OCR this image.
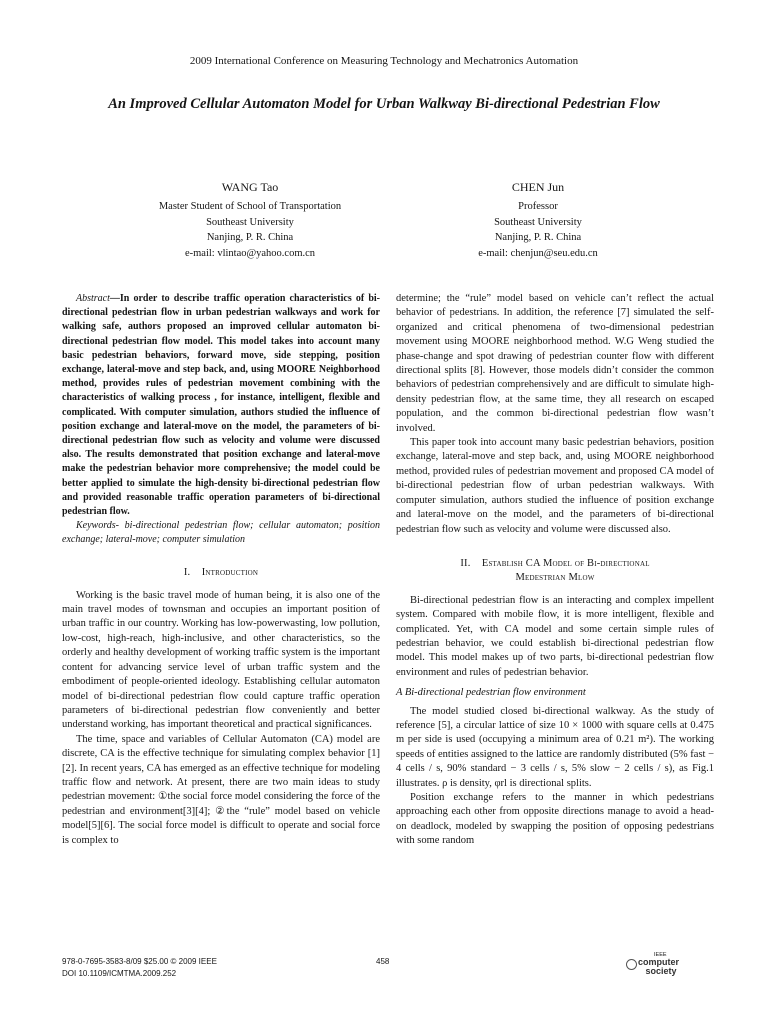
2009 International Conference on Measuring Technology and Mechatronics Automation
An Improved Cellular Automaton Model for Urban Walkway Bi-directional Pedestrian Flow
WANG Tao
Master Student of School of Transportation
Southeast University
Nanjing, P. R. China
e-mail: vlintao@yahoo.com.cn
CHEN Jun
Professor
Southeast University
Nanjing, P. R. China
e-mail: chenjun@seu.edu.cn

Abstract—In order to describe traffic operation characteristics of bi-directional pedestrian flow in urban pedestrian walkways and work for walking safe, authors proposed an improved cellular automaton bi-directional pedestrian flow model. This model takes into account many basic pedestrian behaviors, forward move, side stepping, position exchange, lateral-move and step back, and, using MOORE Neighborhood method, provides rules of pedestrian movement combining with the characteristics of walking process , for instance, intelligent, flexible and complicated. With computer simulation, authors studied the influence of position exchange and lateral-move on the model, the parameters of bi-directional pedestrian flow such as velocity and volume were discussed also. The results demonstrated that position exchange and lateral-move make the pedestrian behavior more comprehensive; the model could be better applied to simulate the high-density bi-directional pedestrian flow and provided reasonable traffic operation parameters of bi-directional pedestrian flow.

Keywords- bi-directional pedestrian flow; cellular automaton; position exchange; lateral-move; computer simulation

I. Introduction

Working is the basic travel mode of human being, it is also one of the main travel modes of townsman and occupies an important position of urban traffic in our country. Working has low-powerwasting, low pollution, low-cost, high-reach, high-inclusive, and other characteristics, so the orderly and healthy development of working traffic system is the important content for advancing service level of urban traffic system and the embodiment of people-oriented ideology. Establishing cellular automaton model of bi-directional pedestrian flow could capture traffic operation parameters of bi-directional pedestrian flow conveniently and better understand working, has important theoretical and practical significances.

The time, space and variables of Cellular Automaton (CA) model are discrete, CA is the effective technique for simulating complex behavior [1][2]. In recent years, CA has emerged as an effective technique for modeling traffic flow and network. At present, there are two main ideas to study pedestrian movement: ①the social force model considering the force of the pedestrian and environment[3][4]; ②the “rule” model based on vehicle model[5][6]. The social force model is difficult to operate and social force is complex to

determine; the “rule” model based on vehicle can’t reflect the actual behavior of pedestrians. In addition, the reference [7] simulated the self-organized and critical phenomena of two-dimensional pedestrian movement using MOORE neighborhood method. W.G Weng studied the phase-change and spot drawing of pedestrian counter flow with different directional splits [8]. However, those models didn’t consider the common behaviors of pedestrian comprehensively and are difficult to simulate high-density pedestrian flow, at the same time, they all research on escaped population, and the common bi-directional pedestrian flow wasn’t involved.

This paper took into account many basic pedestrian behaviors, position exchange, lateral-move and step back, and, using MOORE neighborhood method, provided rules of pedestrian movement and proposed CA model of bi-directional pedestrian flow of urban pedestrian walkways. With computer simulation, authors studied the influence of position exchange and lateral-move on the model, and the parameters of bi-directional pedestrian flow such as velocity and volume were discussed also.

II. Establish CA Model of Bi-directional
Medestrian Mlow

Bi-directional pedestrian flow is an interacting and complex impellent system. Compared with mobile flow, it is more intelligent, flexible and complicated. Yet, with CA model and some certain simple rules of pedestrian behavior, we could establish bi-directional pedestrian flow model. This model makes up of two parts, bi-directional pedestrian flow environment and rules of pedestrian behavior.

A Bi-directional pedestrian flow environment

The model studied closed bi-directional walkway. As the study of reference [5], a circular lattice of size 10 × 1000 with square cells at 0.475 m per side is used (occupying a minimum area of 0.21 m²). The working speeds of entities assigned to the lattice are randomly distributed (5% fast − 4 cells / s, 90% standard − 3 cells / s, 5% slow − 2 cells / s), as Fig.1 illustrates. ρ is density, φrl is directional splits.

Position exchange refers to the manner in which pedestrians approaching each other from opposite directions manage to avoid a head-on deadlock, modeled by swapping the position of opposing pedestrians with some random

978-0-7695-3583-8/09 $25.00 © 2009 IEEE
DOI 10.1109/ICMTMA.2009.252
458
IEEE
computer
society
